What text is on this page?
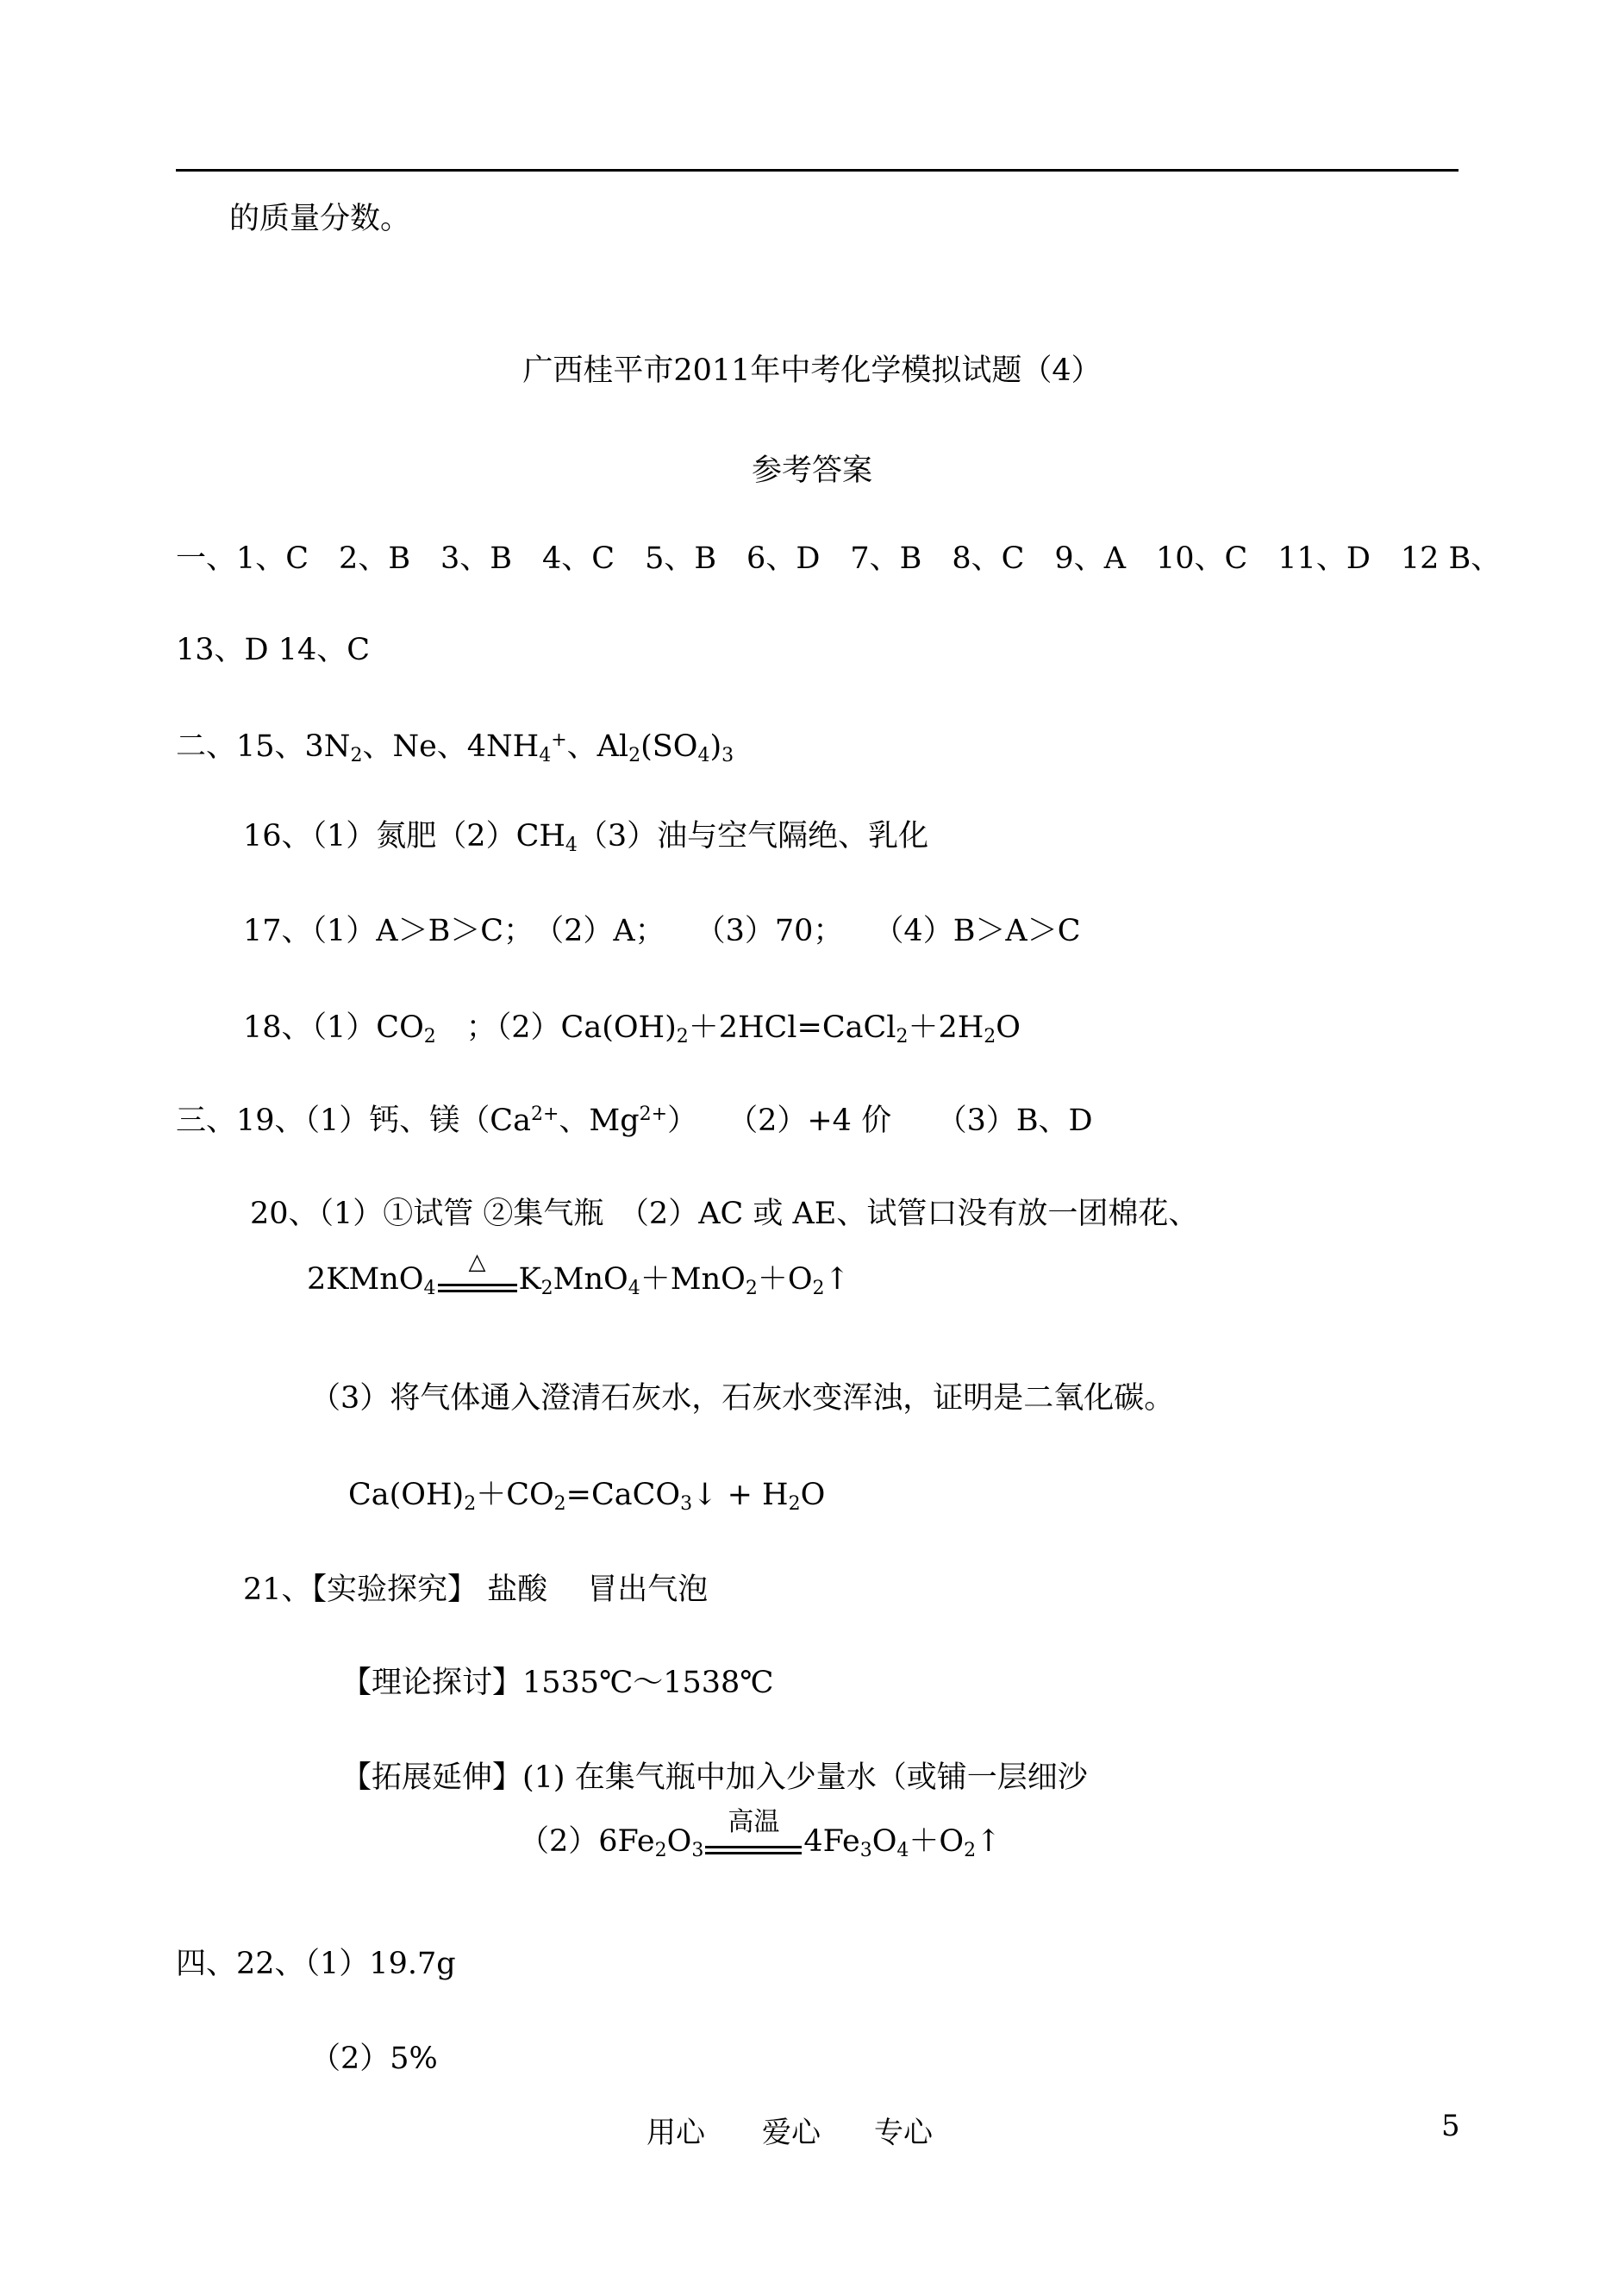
的质量分数。
广西桂平市2011年中考化学模拟试题（4）
参考答案
一、1、C　2、B　3、B　4、C　5、B　6、D　7、B　8、C　9、A　10、C　11、D　12 B、
13、D 14、C
二、15、$3N_2$、Ne、$4NH_4^+$、$Al_2(SO_4)_3$
16、（1）氮肥$(2)CH_4(3)$油与空气隔绝、乳化
17、（1）A＞B＞C；　（2）A；　　（3）70；　　（4）B＞A＞C
18、$(1)CO_2$　；$(2)Ca(OH)_2+2HCl=CaCl_2+2H_2O$
三、19、（1）钙、镁（$Ca^{2+}$、$Mg^{2+}$）　　（2）+4 价　　（3）B、D
20、（1）①试管 ②集气瓶　（2）AC 或 AE、试管口没有放一团棉花、
2KMnO$_4$
△	$K_2MnO_4+MnO_2+O_2↑$
（3）将气体通入澄清石灰水，石灰水变浑浊，证明是二氧化碳。
$Ca(OH)_2+CO_2=CaCO_3↓ + H_2O$
21、【实验探究】 盐酸　 冒出气泡
【理论探讨】1535℃～1538℃
【拓展延伸】(1) 在集气瓶中加入少量水（或铺一层细沙
$(2)6Fe_2O_3$
高温
$4Fe_3O_4+O_2↑$
四、22、（1）19.7g
（2）5%
用心 爱心 专心	5
